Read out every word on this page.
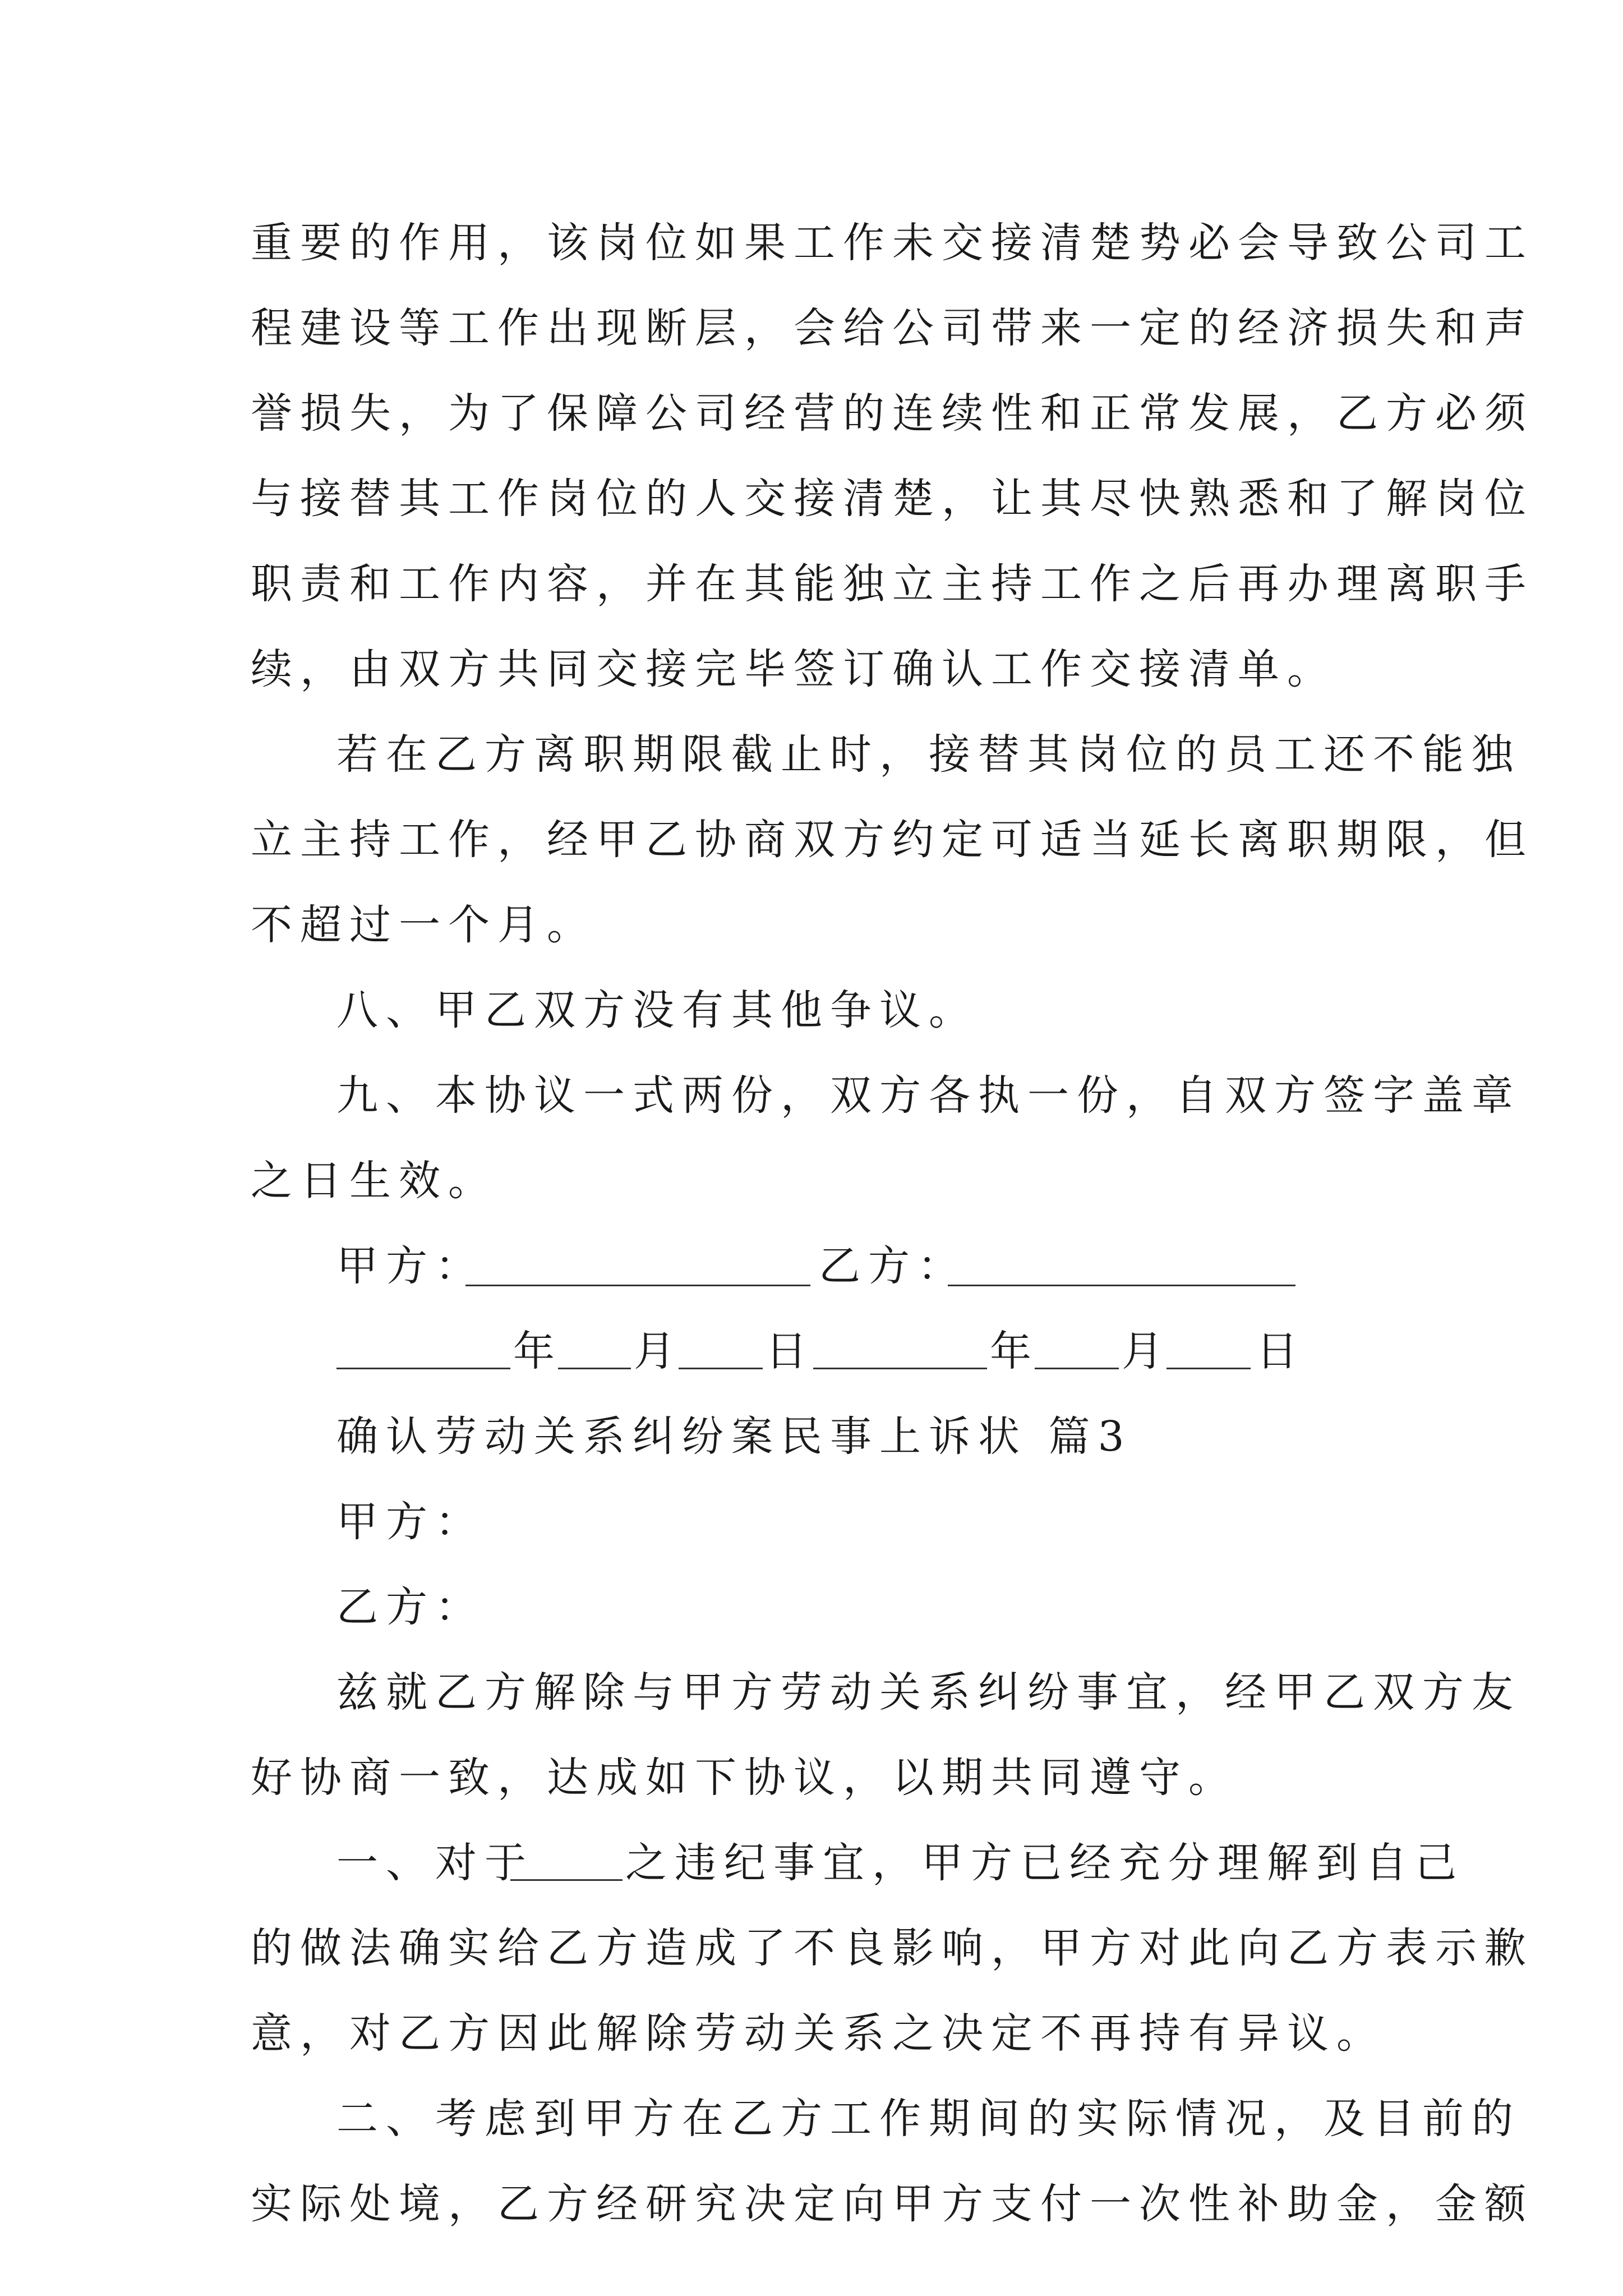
重要的作用，该岗位如果工作未交接清楚势必会导致公司工
程建设等工作出现断层，会给公司带来一定的经济损失和声
誉损失，为了保障公司经营的连续性和正常发展，乙方必须
与接替其工作岗位的人交接清楚，让其尽快熟悉和了解岗位
职责和工作内容，并在其能独立主持工作之后再办理离职手
续，由双方共同交接完毕签订确认工作交接清单。
若在乙方离职期限截止时，接替其岗位的员工还不能独
立主持工作，经甲乙协商双方约定可适当延长离职期限，但
不超过一个月。
八、甲乙双方没有其他争议。
九、本协议一式两份，双方各执一份，自双方签字盖章
之日生效。
甲方：	乙方：
年 月 日	年 月 日
确认劳动关系纠纷案民事上诉状 篇3
甲方：
乙方：
兹就乙方解除与甲方劳动关系纠纷事宜，经甲乙双方友
好协商一致，达成如下协议，以期共同遵守。
一、对于 之违纪事宜，甲方已经充分理解到自己
的做法确实给乙方造成了不良影响，甲方对此向乙方表示歉
意，对乙方因此解除劳动关系之决定不再持有异议。
二、考虑到甲方在乙方工作期间的实际情况，及目前的
实际处境，乙方经研究决定向甲方支付一次性补助金，金额
